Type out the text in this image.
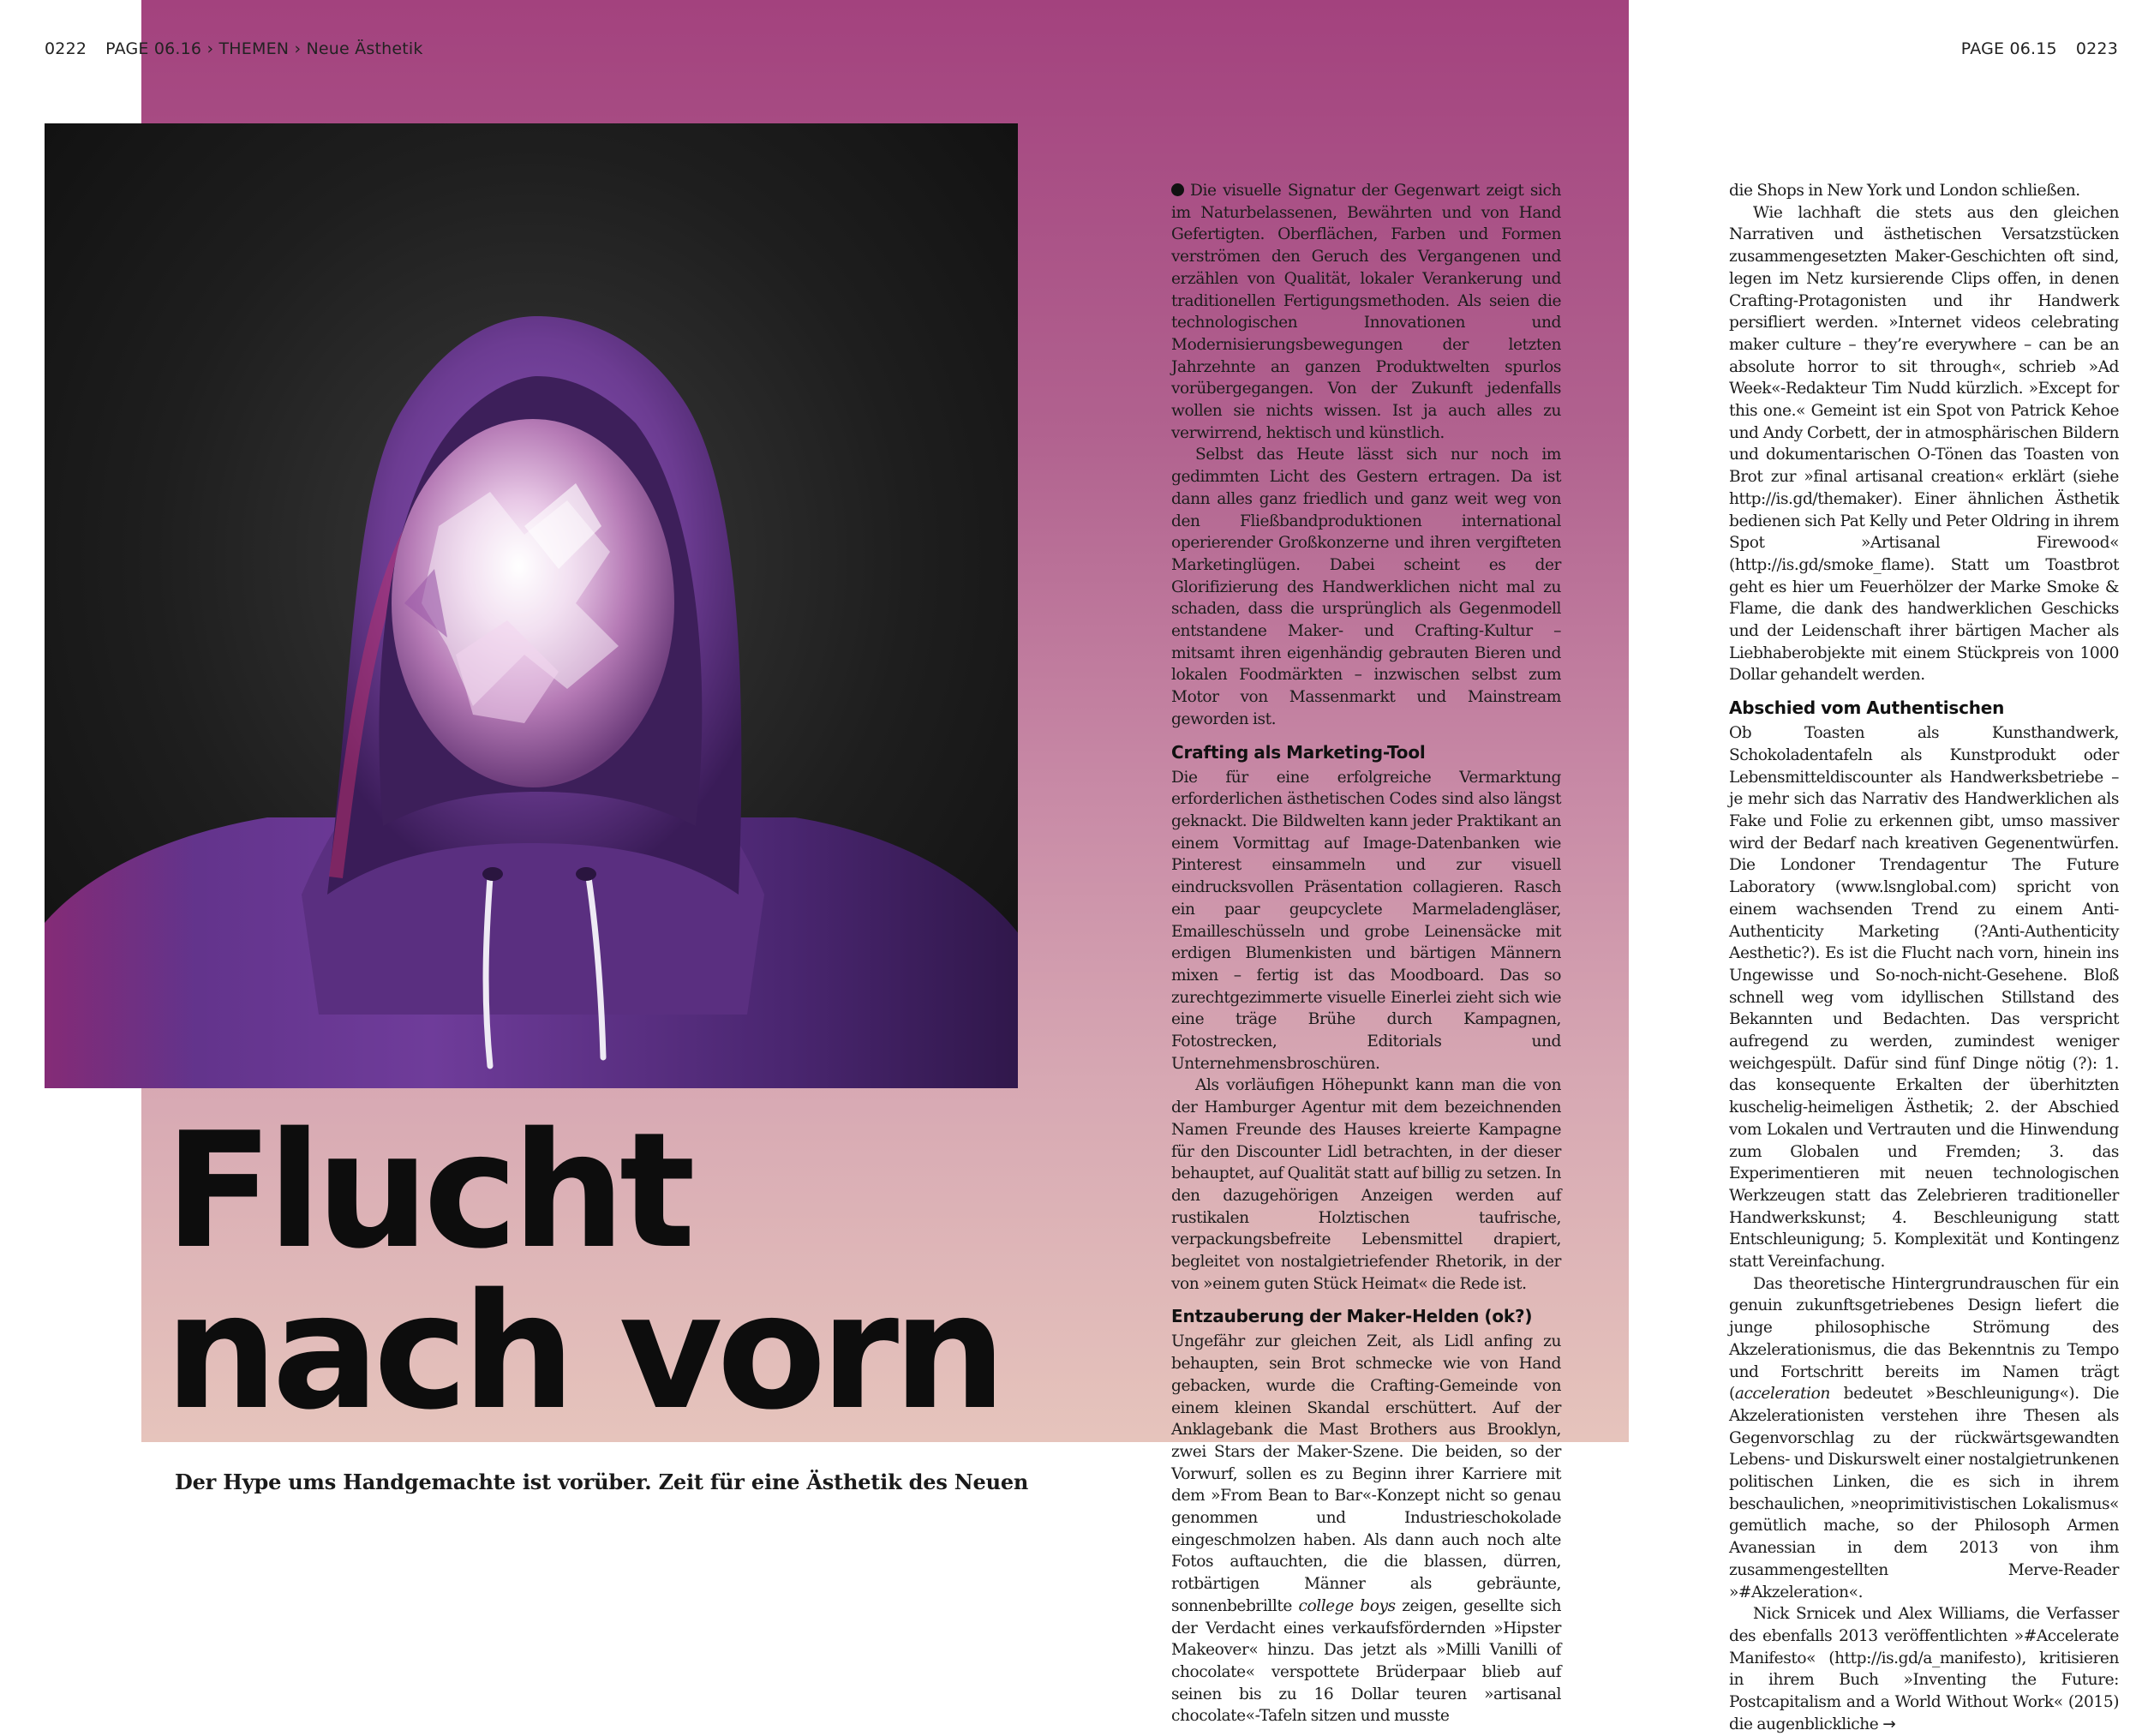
0222 PAGE 06.16 › THEMEN › Neue Ästhetik	PAGE 06.15 0223
Flucht
nach vorn
Der Hype ums Handgemachte ist vorüber. Zeit für eine Ästhetik des Neuen

Die visuelle Signatur der Gegenwart zeigt sich im Naturbelassenen, Bewährten und von Hand Gefertigten. Oberflächen, Farben und Formen verströmen den Geruch des Vergangenen und erzählen von Qualität, lokaler Verankerung und traditionellen Fertigungsmethoden. Als seien die technologischen Innovationen und Modernisierungsbewegungen der letzten Jahrzehnte an ganzen Produktwelten spurlos vorübergegangen. Von der Zukunft jedenfalls wollen sie nichts wissen. Ist ja auch alles zu verwirrend, hektisch und künstlich.

Selbst das Heute lässt sich nur noch im gedimmten Licht des Gestern ertragen. Da ist dann alles ganz friedlich und ganz weit weg von den Fließbandproduktionen international operierender Großkonzerne und ihren vergifteten Marketinglügen. Dabei scheint es der Glorifizierung des Handwerklichen nicht mal zu schaden, dass die ursprünglich als Gegenmodell entstandene Maker- und Crafting-Kultur – mitsamt ihren eigenhändig gebrauten Bieren und lokalen Foodmärkten – inzwischen selbst zum Motor von Massenmarkt und Mainstream geworden ist.

Crafting als Marketing-Tool

Die für eine erfolgreiche Vermarktung erforderlichen ästhetischen Codes sind also längst geknackt. Die Bildwelten kann jeder Praktikant an einem Vormittag auf Image-Datenbanken wie Pinterest einsammeln und zur visuell eindrucksvollen Präsentation collagieren. Rasch ein paar geupcyclete Marmeladengläser, Emailleschüsseln und grobe Leinensäcke mit erdigen Blumenkisten und bärtigen Männern mixen – fertig ist das Moodboard. Das so zurechtgezimmerte visuelle Einerlei zieht sich wie eine träge Brühe durch Kampagnen, Fotostrecken, Editorials und Unternehmensbroschüren.

Als vorläufigen Höhepunkt kann man die von der Hamburger Agentur mit dem bezeichnenden Namen Freunde des Hauses kreierte Kampagne für den Discounter Lidl betrachten, in der dieser behauptet, auf Qualität statt auf billig zu setzen. In den dazugehörigen Anzeigen werden auf rustikalen Holztischen taufrische, verpackungsbefreite Lebensmittel drapiert, begleitet von nostalgietriefender Rhetorik, in der von »einem guten Stück Heimat« die Rede ist.

Entzauberung der Maker-Helden (ok?)

Ungefähr zur gleichen Zeit, als Lidl anfing zu behaupten, sein Brot schmecke wie von Hand gebacken, wurde die Crafting-Gemeinde von einem kleinen Skandal erschüttert. Auf der Anklagebank die Mast Brothers aus Brooklyn, zwei Stars der Maker-Szene. Die beiden, so der Vorwurf, sollen es zu Beginn ihrer Karriere mit dem »From Bean to Bar«-Konzept nicht so genau genommen und Industrieschokolade eingeschmolzen haben. Als dann auch noch alte Fotos auftauchten, die die blassen, dürren, rotbärtigen Männer als gebräunte, sonnenbebrillte college boys zeigen, gesellte sich der Verdacht eines verkaufsfördernden »Hipster Makeover« hinzu. Das jetzt als »Milli Vanilli of chocolate« verspottete Brüderpaar blieb auf seinen bis zu 16 Dollar teuren »artisanal chocolate«-Tafeln sitzen und musste

die Shops in New York und London schließen.

Wie lachhaft die stets aus den gleichen Narrativen und ästhetischen Versatzstücken zusammengesetzten Maker-Geschichten oft sind, legen im Netz kursierende Clips offen, in denen Crafting-Protagonisten und ihr Handwerk persifliert werden. »Internet videos celebrating maker culture – they’re everywhere – can be an absolute horror to sit through«, schrieb »Ad Week«-Redakteur Tim Nudd kürzlich. »Except for this one.« Gemeint ist ein Spot von Patrick Kehoe und Andy Corbett, der in atmosphärischen Bildern und dokumentarischen O-Tönen das Toasten von Brot zur »final artisanal creation« erklärt (siehe http://is.gd/themaker). Einer ähnlichen Ästhetik bedienen sich Pat Kelly und Peter Oldring in ihrem Spot »Artisanal Firewood« (http://is.gd/smoke_flame). Statt um Toastbrot geht es hier um Feuerhölzer der Marke Smoke & Flame, die dank des handwerklichen Geschicks und der Leidenschaft ihrer bärtigen Macher als Liebhaberobjekte mit einem Stückpreis von 1000 Dollar gehandelt werden.

Abschied vom Authentischen

Ob Toasten als Kunsthandwerk, Schokoladentafeln als Kunstprodukt oder Lebensmitteldiscounter als Handwerksbetriebe – je mehr sich das Narrativ des Handwerklichen als Fake und Folie zu erkennen gibt, umso massiver wird der Bedarf nach kreativen Gegenentwürfen. Die Londoner Trendagentur The Future Laboratory (www.lsnglobal.com) spricht von einem wachsenden Trend zu einem Anti-Authenticity Marketing (?Anti-Authenticity Aesthetic?). Es ist die Flucht nach vorn, hinein ins Ungewisse und So-noch-nicht-Gesehene. Bloß schnell weg vom idyllischen Stillstand des Bekannten und Bedachten. Das verspricht aufregend zu werden, zumindest weniger weichgespült. Dafür sind fünf Dinge nötig (?): 1. das konsequente Erkalten der überhitzten kuschelig-heimeligen Ästhetik; 2. der Abschied vom Lokalen und Vertrauten und die Hinwendung zum Globalen und Fremden; 3. das Experimentieren mit neuen technologischen Werkzeugen statt das Zelebrieren traditioneller Handwerkskunst; 4. Beschleunigung statt Entschleunigung; 5. Komplexität und Kontingenz statt Vereinfachung.

Das theoretische Hintergrundrauschen für ein genuin zukunftsgetriebenes Design liefert die junge philosophische Strömung des Akzelerationismus, die das Bekenntnis zu Tempo und Fortschritt bereits im Namen trägt (acceleration bedeutet »Beschleunigung«). Die Akzelerationisten verstehen ihre Thesen als Gegenvorschlag zu der rückwärtsgewandten Lebens- und Diskurswelt einer nostalgietrunkenen politischen Linken, die es sich in ihrem beschaulichen, »neoprimitivistischen Lokalismus« gemütlich mache, so der Philosoph Armen Avanessian in dem 2013 von ihm zusammengestellten Merve-Reader »#Akzeleration«.

Nick Srnicek und Alex Williams, die Verfasser des ebenfalls 2013 veröffentlichten »#Accelerate Manifesto« (http://is.gd/a_manifesto), kritisieren in ihrem Buch »Inventing the Future: Postcapitalism and a World Without Work« (2015) die augenblickliche →
